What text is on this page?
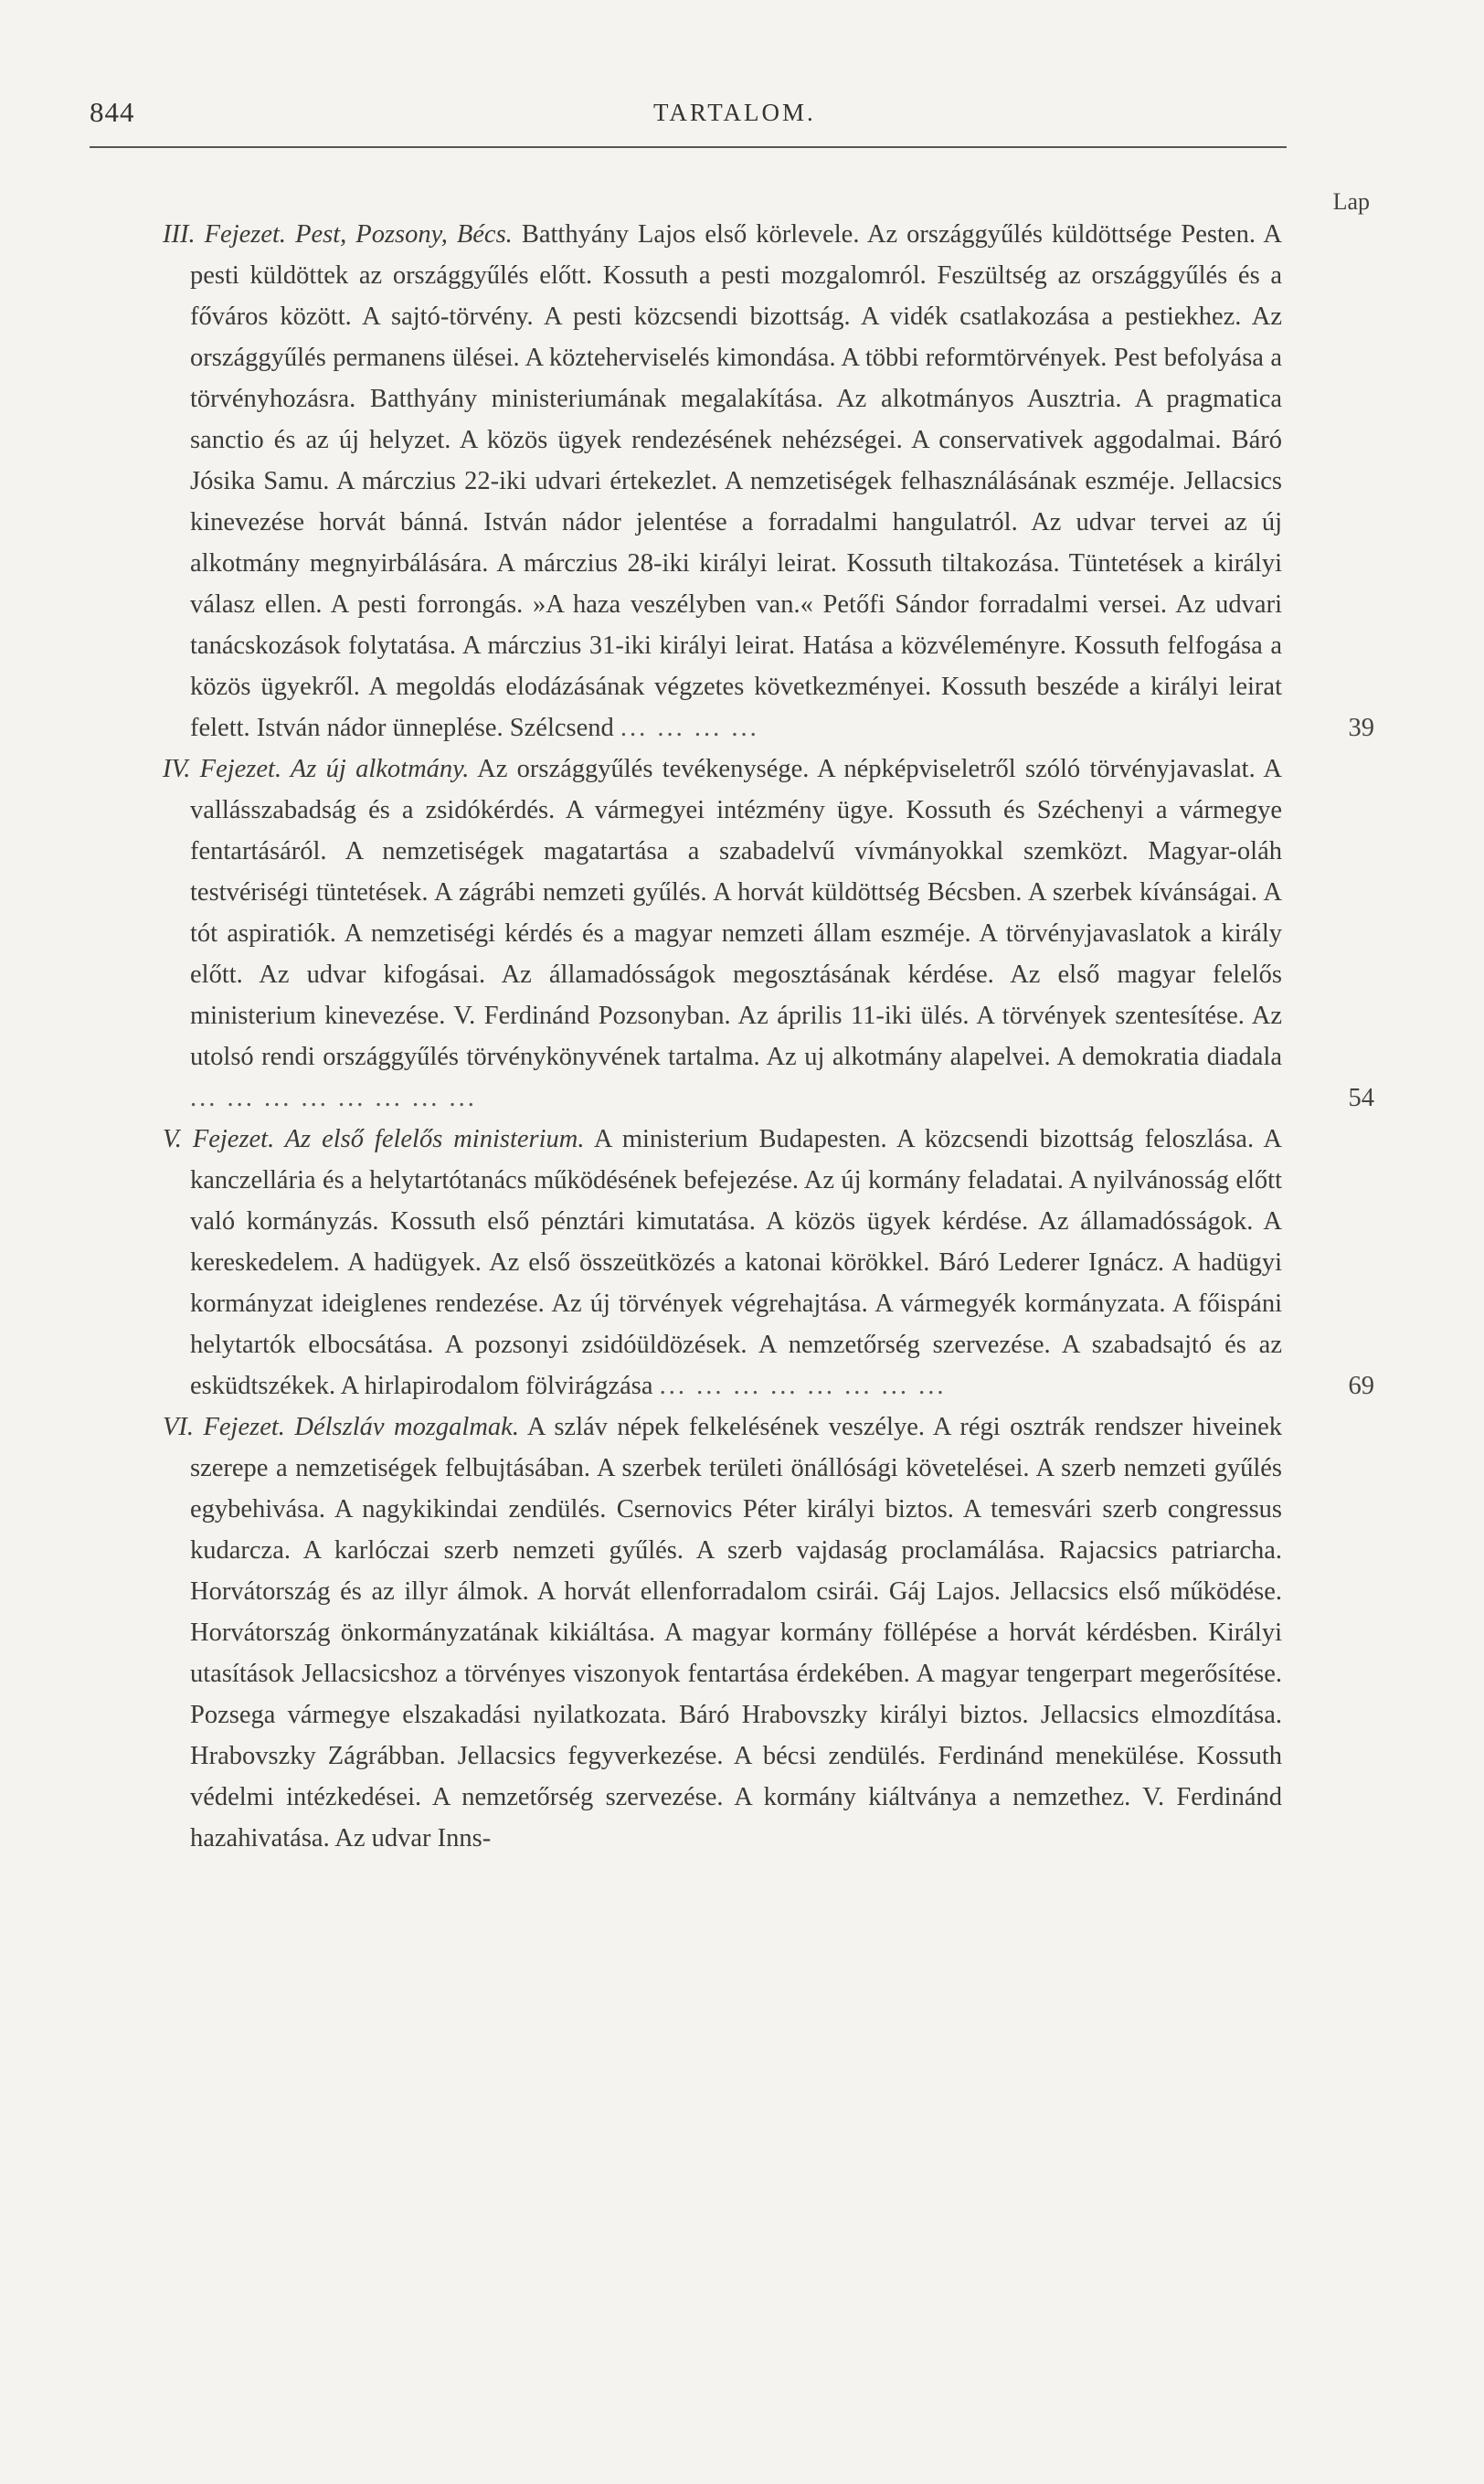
844	TARTALOM.
Lap

III. Fejezet. Pest, Pozsony, Bécs. Batthyány Lajos első körlevele. Az országgyűlés küldöttsége Pesten. A pesti küldöttek az országgyűlés előtt. Kossuth a pesti mozgalomról. Feszültség az országgyűlés és a főváros között. A sajtó-törvény. A pesti közcsendi bizottság. A vidék csatlakozása a pestiekhez. Az országgyűlés permanens ülései. A közteherviselés kimondása. A többi reformtörvények. Pest befolyása a törvényhozásra. Batthyány ministeriumának megalakítása. Az alkotmányos Ausztria. A pragmatica sanctio és az új helyzet. A közös ügyek rendezésének nehézségei. A conservativek aggodalmai. Báró Jósika Samu. A márczius 22-iki udvari értekezlet. A nemzetiségek felhasználásának eszméje. Jellacsics kinevezése horvát bánná. István nádor jelentése a forradalmi hangulatról. Az udvar tervei az új alkotmány megnyirbálására. A márczius 28-iki királyi leirat. Kossuth tiltakozása. Tüntetések a királyi válasz ellen. A pesti forrongás. »A haza veszélyben van.« Petőfi Sándor forradalmi versei. Az udvari tanácskozások folytatása. A márczius 31-iki királyi leirat. Hatása a közvéleményre. Kossuth felfogása a közös ügyekről. A megoldás elodázásának végzetes következményei. Kossuth beszéde a királyi leirat felett. István nádor ünneplése. Szélcsend ... ... ... ...	39

IV. Fejezet. Az új alkotmány. Az országgyűlés tevékenysége. A népképviseletről szóló törvényjavaslat. A vallásszabadság és a zsidókérdés. A vármegyei intézmény ügye. Kossuth és Széchenyi a vármegye fentartásáról. A nemzetiségek magatartása a szabadelvű vívmányokkal szemközt. Magyar-oláh testvériségi tüntetések. A zágrábi nemzeti gyűlés. A horvát küldöttség Bécsben. A szerbek kívánságai. A tót aspiratiók. A nemzetiségi kérdés és a magyar nemzeti állam eszméje. A törvényjavaslatok a király előtt. Az udvar kifogásai. Az államadósságok megosztásának kérdése. Az első magyar felelős ministerium kinevezése. V. Ferdinánd Pozsonyban. Az április 11-iki ülés. A törvények szentesítése. Az utolsó rendi országgyűlés törvénykönyvének tartalma. Az uj alkotmány alapelvei. A demokratia diadala ... ... ... ... ... ... ... ...	54

V. Fejezet. Az első felelős ministerium. A ministerium Budapesten. A közcsendi bizottság feloszlása. A kanczellária és a helytartótanács működésének befejezése. Az új kormány feladatai. A nyilvánosság előtt való kormányzás. Kossuth első pénztári kimutatása. A közös ügyek kérdése. Az államadósságok. A kereskedelem. A hadügyek. Az első összeütközés a katonai körökkel. Báró Lederer Ignácz. A hadügyi kormányzat ideiglenes rendezése. Az új törvények végrehajtása. A vármegyék kormányzata. A főispáni helytartók elbocsátása. A pozsonyi zsidóüldözések. A nemzetőrség szervezése. A szabadsajtó és az esküdtszékek. A hirlapirodalom fölvirágzása ... ... ... ... ... ... ... ...	69

VI. Fejezet. Délszláv mozgalmak. A szláv népek felkelésének veszélye. A régi osztrák rendszer hiveinek szerepe a nemzetiségek felbujtásában. A szerbek területi önállósági követelései. A szerb nemzeti gyűlés egybehivása. A nagykikindai zendülés. Csernovics Péter királyi biztos. A temesvári szerb congressus kudarcza. A karlóczai szerb nemzeti gyűlés. A szerb vajdaság proclamálása. Rajacsics patriarcha. Horvátország és az illyr álmok. A horvát ellenforradalom csirái. Gáj Lajos. Jellacsics első működése. Horvátország önkormányzatának kikiáltása. A magyar kormány föllépése a horvát kérdésben. Királyi utasítások Jellacsicshoz a törvényes viszonyok fentartása érdekében. A magyar tengerpart megerősítése. Pozsega vármegye elszakadási nyilatkozata. Báró Hrabovszky királyi biztos. Jellacsics elmozdítása. Hrabovszky Zágrábban. Jellacsics fegyverkezése. A bécsi zendülés. Ferdinánd menekülése. Kossuth védelmi intézkedései. A nemzetőrség szervezése. A kormány kiáltványa a nemzethez. V. Ferdinánd hazahivatása. Az udvar Inns-
